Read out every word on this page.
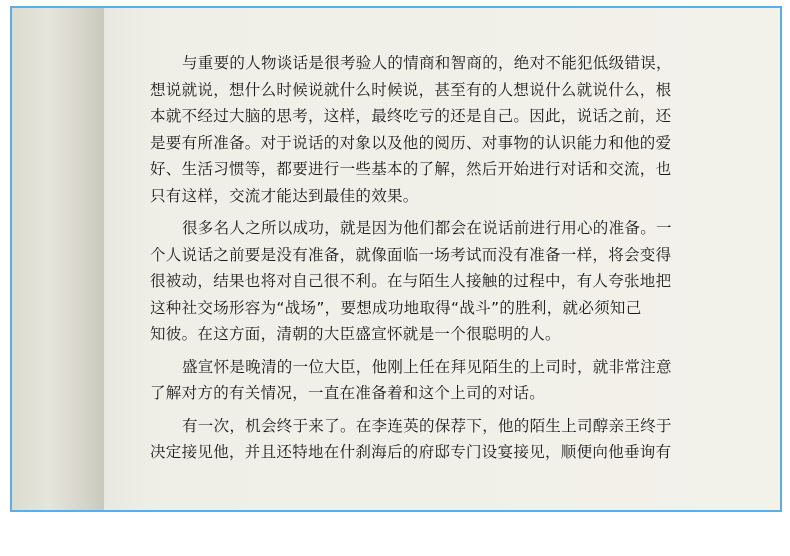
与重要的人物谈话是很考验人的情商和智商的，绝对不能犯低级错误，
想说就说，想什么时候说就什么时候说，甚至有的人想说什么就说什么，根
本就不经过大脑的思考，这样，最终吃亏的还是自己。因此，说话之前，还
是要有所准备。对于说话的对象以及他的阅历、对事物的认识能力和他的爱
好、生活习惯等，都要进行一些基本的了解，然后开始进行对话和交流，也
只有这样，交流才能达到最佳的效果。
很多名人之所以成功，就是因为他们都会在说话前进行用心的准备。一
个人说话之前要是没有准备，就像面临一场考试而没有准备一样，将会变得
很被动，结果也将对自己很不利。在与陌生人接触的过程中，有人夸张地把
这种社交场形容为“战场”，要想成功地取得“战斗”的胜利，就必须知己
知彼。在这方面，清朝的大臣盛宣怀就是一个很聪明的人。
盛宣怀是晚清的一位大臣，他刚上任在拜见陌生的上司时，就非常注意
了解对方的有关情况，一直在准备着和这个上司的对话。
有一次，机会终于来了。在李连英的保荐下，他的陌生上司醇亲王终于
决定接见他，并且还特地在什刹海后的府邸专门设宴接见，顺便向他垂询有
